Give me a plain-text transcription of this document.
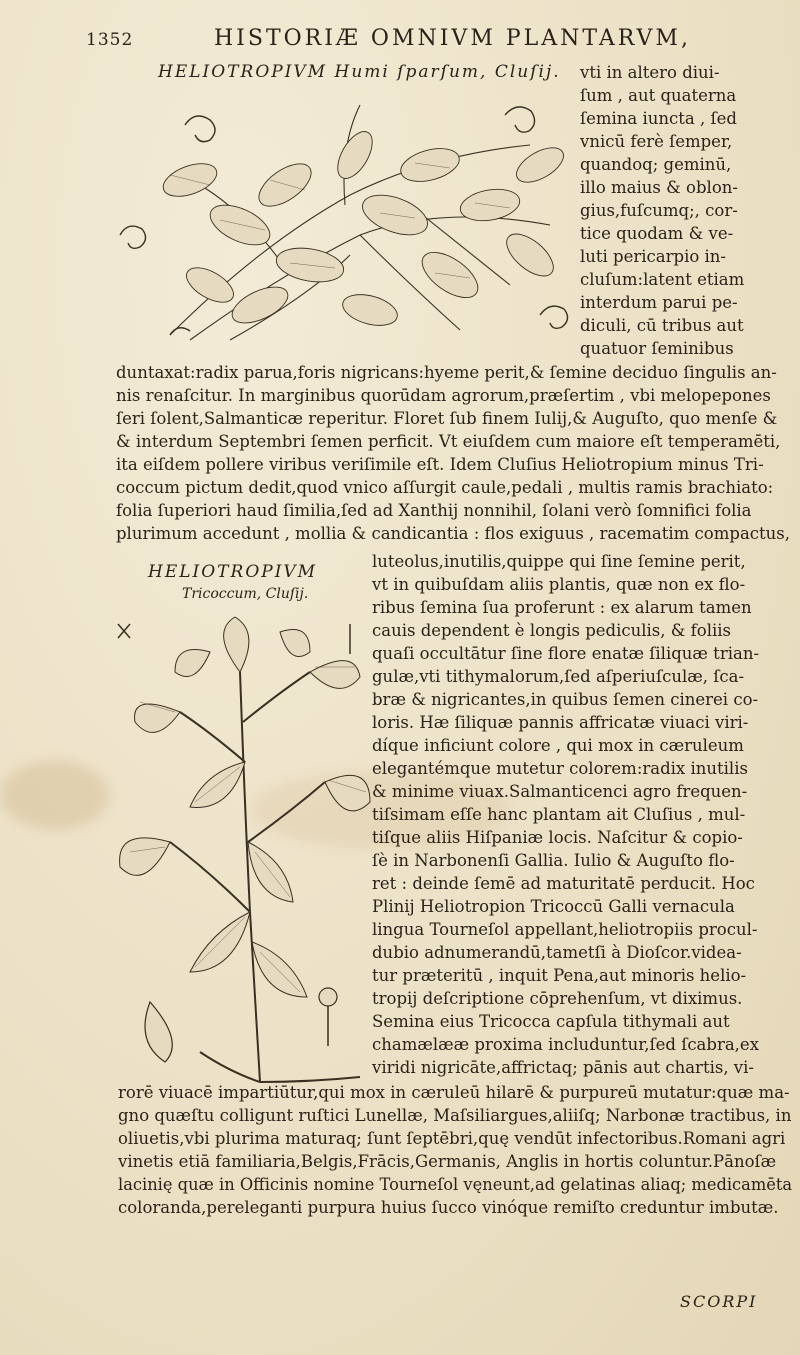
1352	HISTORIÆ OMNIVM PLANTARVM,
HELIOTROPIVM Humi ſparſum, Cluſij. vti in altero diui-
ſum , aut quaterna
ſemina iuncta , ſed
vnicū ferè ſemper,
quandoq; geminū,
illo maius & oblon-
gius,fuſcumq;, cor-
tice quodam & ve-
luti pericarpio in-
cluſum:latent etiam
interdum parui pe-
diculi, cū tribus aut
quatuor ſeminibus
duntaxat:radix parua,foris nigricans:hyeme perit,& ſemine deciduo ſingulis an-
nis renaſcitur. In marginibus quorūdam agrorum,præſertim , vbi melopepones
ſeri ſolent,Salmanticæ reperitur. Floret ſub finem Iulij,& Auguſto, quo menſe &
& interdum Septembri ſemen perficit. Vt eiuſdem cum maiore eſt temperamēti,
ita eiſdem pollere viribus veriſimile eſt. Idem Cluſius Heliotropium minus Tri-
coccum pictum dedit,quod vnico aſſurgit caule,pedali , multis ramis brachiato:
folia ſuperiori haud ſimilia,ſed ad Xanthij nonnihil, ſolani verò ſomnifici folia
plurimum accedunt , mollia & candicantia : flos exiguus , racematim compactus,
HELIOTROPIVM
Tricoccum, Cluſij.
luteolus,inutilis,quippe qui ſine ſemine perit,
vt in quibuſdam aliis plantis, quæ non ex flo-
ribus ſemina ſua proferunt : ex alarum tamen
cauis dependent è longis pediculis, & foliis
quaſi occultātur ſine flore enatæ ſiliquæ trian-
gulæ,vti tithymalorum,ſed aſperiuſculæ, ſca-
bræ & nigricantes,in quibus ſemen cinerei co-
loris. Hæ ſiliquæ pannis affricatæ viuaci viri-
díque inficiunt colore , qui mox in cæruleum
elegantémque mutetur colorem:radix inutilis
& minime viuax.Salmanticenci agro frequen-
tiſsimam eſſe hanc plantam ait Cluſius , mul-
tiſque aliis Hiſpaniæ locis. Naſcitur & copio-
ſè in Narbonenſi Gallia. Iulio & Auguſto flo-
ret : deinde ſemē ad maturitatē perducit. Hoc
Plinij Heliotropion Tricoccū Galli vernacula
lingua Tourneſol appellant,heliotropiis procul-
dubio adnumerandū,tametſi à Dioſcor.videa-
tur præteritū , inquit Pena,aut minoris helio-
tropij deſcriptione cōprehenſum, vt diximus.
Semina eius Tricocca capſula tithymali aut
chamælææ proxima includuntur,ſed ſcabra,ex
viridi nigricāte,affrictaq; pānis aut chartis, vi-
rorē viuacē impartiūtur,qui mox in cæruleū hilarē & purpureū mutatur:quæ ma-
gno quæſtu colligunt ruſtici Lunellæ, Maſsiliargues,aliiſq; Narbonæ tractibus, in
oliuetis,vbi plurima maturaq; ſunt ſeptēbri,quę vendūt infectoribus.Romani agri
vinetis etiā familiaria,Belgis,Frācis,Germanis, Anglis in hortis coluntur.Pānoſæ
lacinię quæ in Officinis nomine Tourneſol vęneunt,ad gelatinas aliaq; medicamēta
coloranda,pereleganti purpura huius ſucco vinóque remiſto creduntur imbutæ.
SCORPI
